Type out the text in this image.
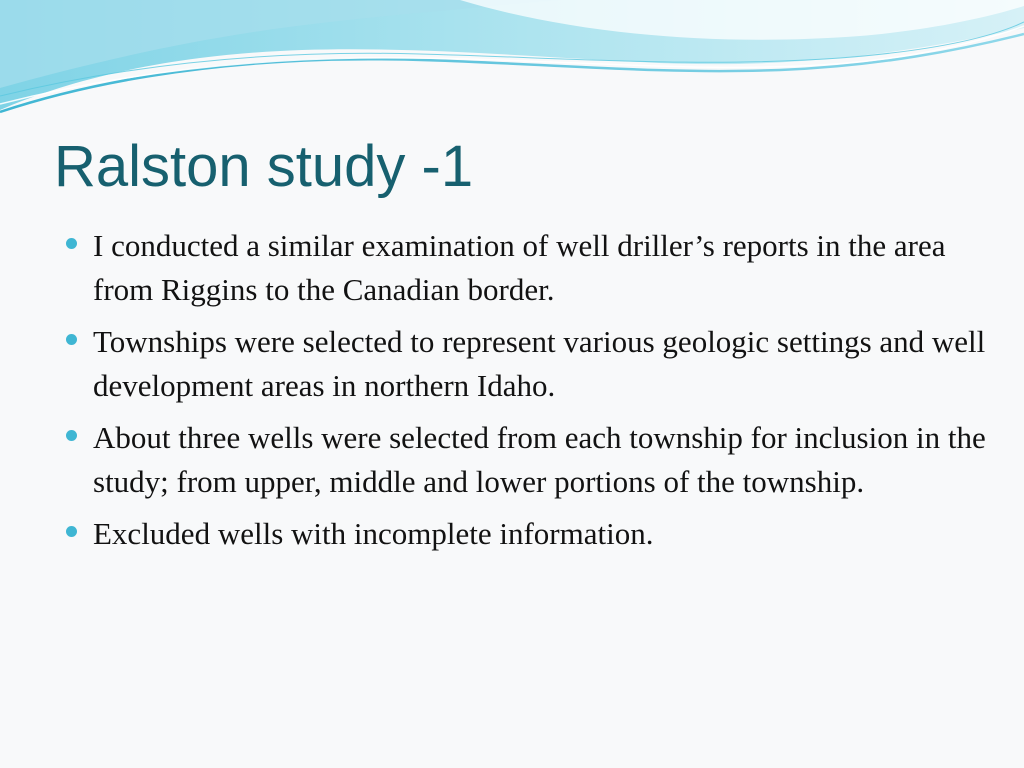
Ralston study -1
I conducted a similar examination of well driller’s reports in the area from Riggins to the Canadian border.
Townships were selected to represent various geologic settings and well development areas in northern Idaho.
About three wells were selected from each township for inclusion in the study; from upper, middle and lower portions of the township.
Excluded wells with incomplete information.
